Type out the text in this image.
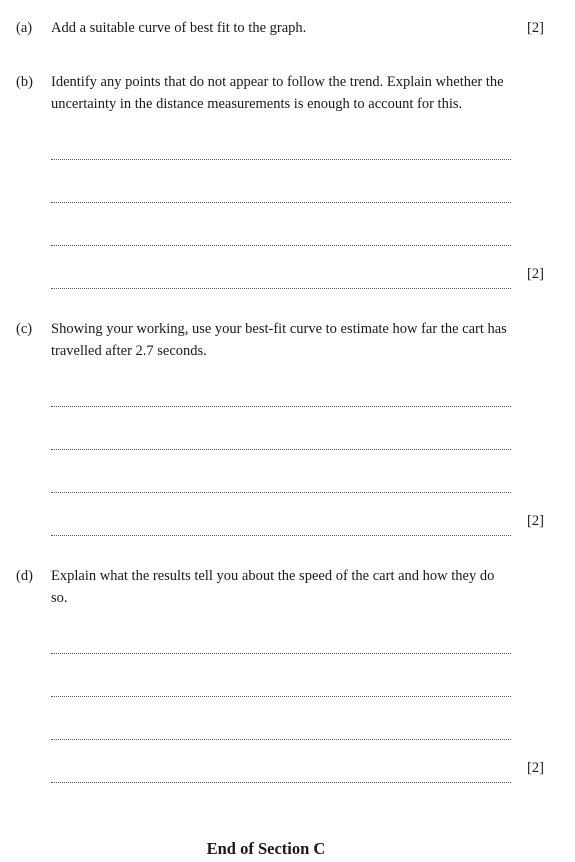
(a) Add a suitable curve of best fit to the graph.	[2]
(b) Identify any points that do not appear to follow the trend. Explain whether the uncertainty in the distance measurements is enough to account for this.
[2]
(c) Showing your working, use your best-fit curve to estimate how far the cart has travelled after 2.7 seconds.
[2]
(d) Explain what the results tell you about the speed of the cart and how they do so.
[2]
End of Section C
